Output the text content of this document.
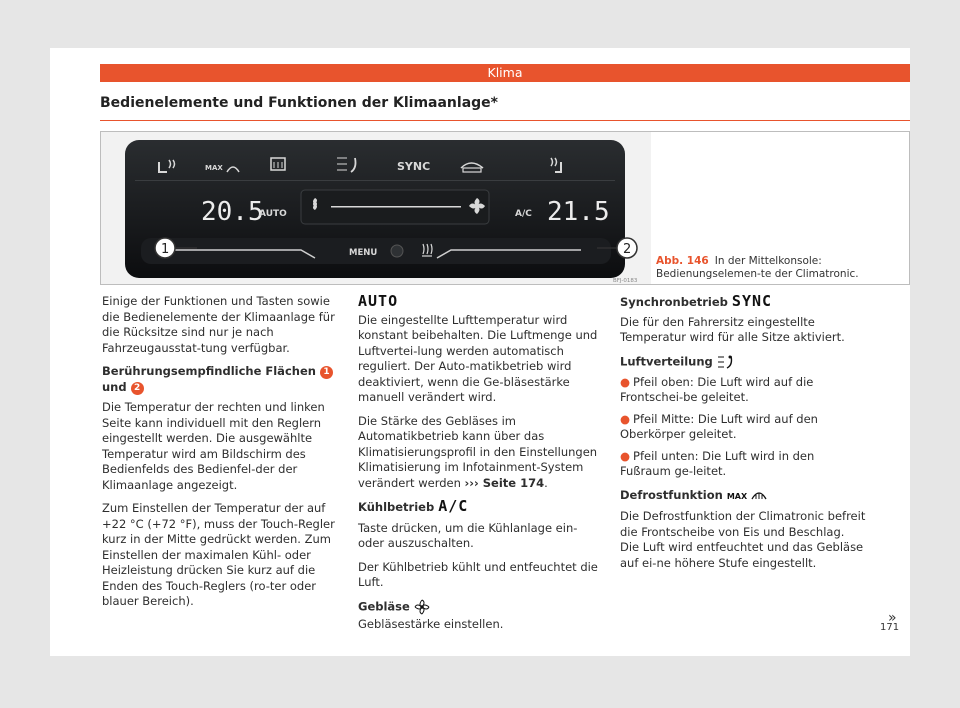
Klima
Bedienelemente und Funktionen der Klimaanlage*
MAX	SYNC
20.5
AUTO	A/C 21.5
MENU
1	2
BFJ-0183
Abb. 146 In der Mittelkonsole: Bedienungselemen-te der Climatronic.

Einige der Funktionen und Tasten sowie die Bedienelemente der Klimaanlage für die Rücksitze sind nur je nach Fahrzeugausstat-tung verfügbar.

Berührungsempfindliche Flächen 1 und 2

Die Temperatur der rechten und linken Seite kann individuell mit den Reglern eingestellt werden. Die ausgewählte Temperatur wird am Bildschirm des Bedienfelds des Bedienfel-der der Klimaanlage angezeigt.

Zum Einstellen der Temperatur der auf +22 °C (+72 °F), muss der Touch-Regler kurz in der Mitte gedrückt werden. Zum Einstellen der maximalen Kühl- oder Heizleistung drücken Sie kurz auf die Enden des Touch-Reglers (ro-ter oder blauer Bereich).

AUTO

Die eingestellte Lufttemperatur wird konstant beibehalten. Die Luftmenge und Luftvertei-lung werden automatisch reguliert. Der Auto-matikbetrieb wird deaktiviert, wenn die Ge-bläsestärke manuell verändert wird.

Die Stärke des Gebläses im Automatikbetrieb kann über das Klimatisierungsprofil in den Einstellungen Klimatisierung im Infotainment-System verändert werden ››› Seite 174.

Kühlbetrieb A/C

Taste drücken, um die Kühlanlage ein- oder auszuschalten.

Der Kühlbetrieb kühlt und entfeuchtet die Luft.

Gebläse

Gebläsestärke einstellen.

Synchronbetrieb SYNC

Die für den Fahrersitz eingestellte Temperatur wird für alle Sitze aktiviert.

Luftverteilung

● Pfeil oben: Die Luft wird auf die Frontschei-be geleitet.

● Pfeil Mitte: Die Luft wird auf den Oberkörper geleitet.

● Pfeil unten: Die Luft wird in den Fußraum ge-leitet.

Defrostfunktion MAX

Die Defrostfunktion der Climatronic befreit die Frontscheibe von Eis und Beschlag. Die Luft wird entfeuchtet und das Gebläse auf ei-ne höhere Stufe eingestellt.

»
171
